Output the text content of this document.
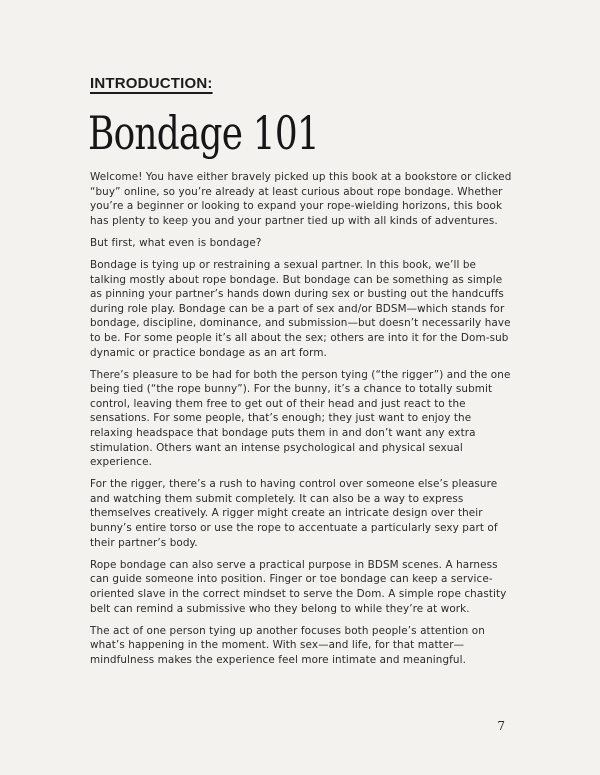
INTRODUCTION:

Bondage 101

Welcome! You have either bravely picked up this book at a bookstore or clicked “buy” online, so you’re already at least curious about rope bondage. Whether you’re a beginner or looking to expand your rope-wielding horizons, this book has plenty to keep you and your partner tied up with all kinds of adventures.

But first, what even is bondage?

Bondage is tying up or restraining a sexual partner. In this book, we’ll be talking mostly about rope bondage. But bondage can be something as simple as pinning your partner’s hands down during sex or busting out the handcuffs during role play. Bondage can be a part of sex and/or BDSM—which stands for bondage, discipline, dominance, and submission—but doesn’t necessarily have to be. For some people it’s all about the sex; others are into it for the Dom-sub dynamic or practice bondage as an art form.

There’s pleasure to be had for both the person tying (“the rigger”) and the one being tied (“the rope bunny”). For the bunny, it’s a chance to totally submit control, leaving them free to get out of their head and just react to the sensations. For some people, that’s enough; they just want to enjoy the relaxing headspace that bondage puts them in and don’t want any extra stimulation. Others want an intense psychological and physical sexual experience.

For the rigger, there’s a rush to having control over someone else’s pleasure and watching them submit completely. It can also be a way to express themselves creatively. A rigger might create an intricate design over their bunny’s entire torso or use the rope to accentuate a particularly sexy part of their partner’s body.

Rope bondage can also serve a practical purpose in BDSM scenes. A harness can guide someone into position. Finger or toe bondage can keep a service-oriented slave in the correct mindset to serve the Dom. A simple rope chastity belt can remind a submissive who they belong to while they’re at work.

The act of one person tying up another focuses both people’s attention on what’s happening in the moment. With sex—and life, for that matter—mindfulness makes the experience feel more intimate and meaningful.

7
